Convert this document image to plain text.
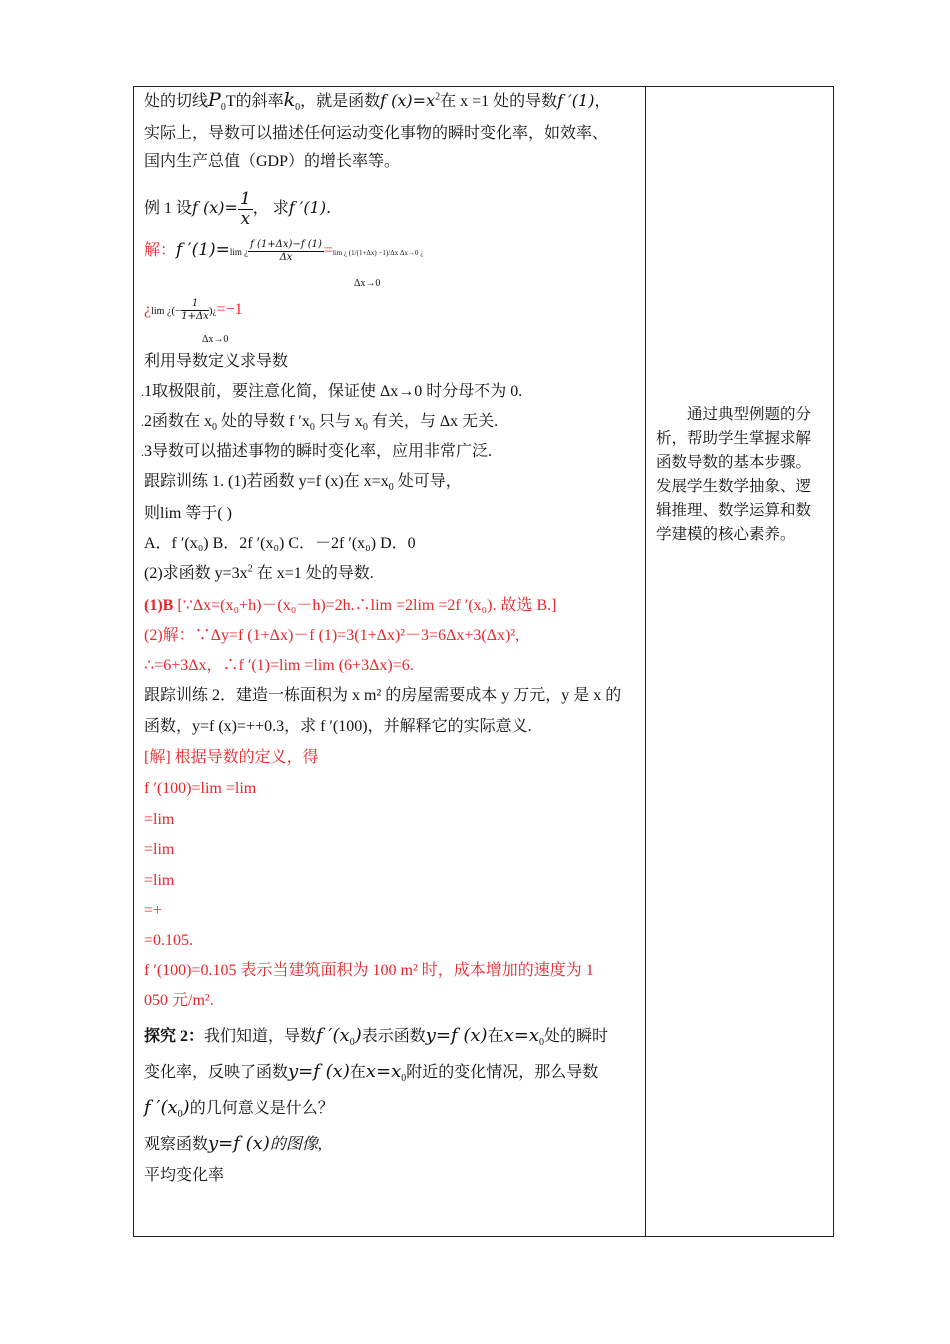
处的切线$P_0T$的斜率$k_0$，就是函数f $(x)=x^2$在 x =1 处的导数f ′(1)，
实际上，导数可以描述任何运动变化事物的瞬时变化率，如效率、
国内生产总值（GDP）的增长率等。
例 1 设f $(x)= \frac{1}{x}$ ， 求f ′(1).
解：f ′(1)=lim ¿ $\frac{f (1+\Delta x)-f (1)}{\Delta x} =\lim$ ¿ (1/(1+Δx) −1)/Δx Δx→0 ¿
Δx→0
¿lim ¿(− $\frac{1}{1+\Delta x}$ )¿=−1
Δx→0
利用导数定义求导数
. 1取极限前，要注意化简，保证使 Δx→0 时分母不为 0.
. 2函数在 $x_0$ 处的导数 f $'x_0$ 只与 $x_0$ 有关，与 Δx 无关.
. 3导数可以描述事物的瞬时变化率，应用非常广泛.
跟踪训练 1. (1)若函数 y=f (x)在 $x=x_0$ 处可导，
则lim 等于( )
A．f ′(x₀) B．2f ′(x₀) C．－2f ′(x₀) D．0
(2)求函数 $y=3x^2$ 在 x=1 处的导数.
(1)B [∵Δx=(x₀+h)－(x₀－h)=2h.∴lim =2lim =2f ′(x₀). 故选 B.]
(2)解：∵Δy=f (1+Δx)－f (1)=3(1+Δx)²－3=6Δx+3(Δx)²,
∴=6+3Δx，∴f ′(1)=lim =lim (6+3Δx)=6.
跟踪训练 2．建造一栋面积为 x m² 的房屋需要成本 y 万元，y 是 x 的
函数，y=f (x)=++0.3，求 f ′(100)，并解释它的实际意义.
[解] 根据导数的定义，得
f ′(100)=lim =lim
=lim
=lim
=lim
=+
=0.105.
f ′(100)=0.105 表示当建筑面积为 100 m² 时，成本增加的速度为 1
050 元/m².
探究 2：我们知道，导数f $'(x_0)$表示函数y=f (x)在$x=x_0$处的瞬时
变化率，反映了函数y=f (x)在$x=x_0$附近的变化情况，那么导数
f $'(x_0)$的几何意义是什么？
观察函数y=f (x)的图像,
平均变化率
通过典型例题的分析，帮助学生掌握求解函数导数的基本步骤。发展学生数学抽象、逻辑推理、数学运算和数学建模的核心素养。
